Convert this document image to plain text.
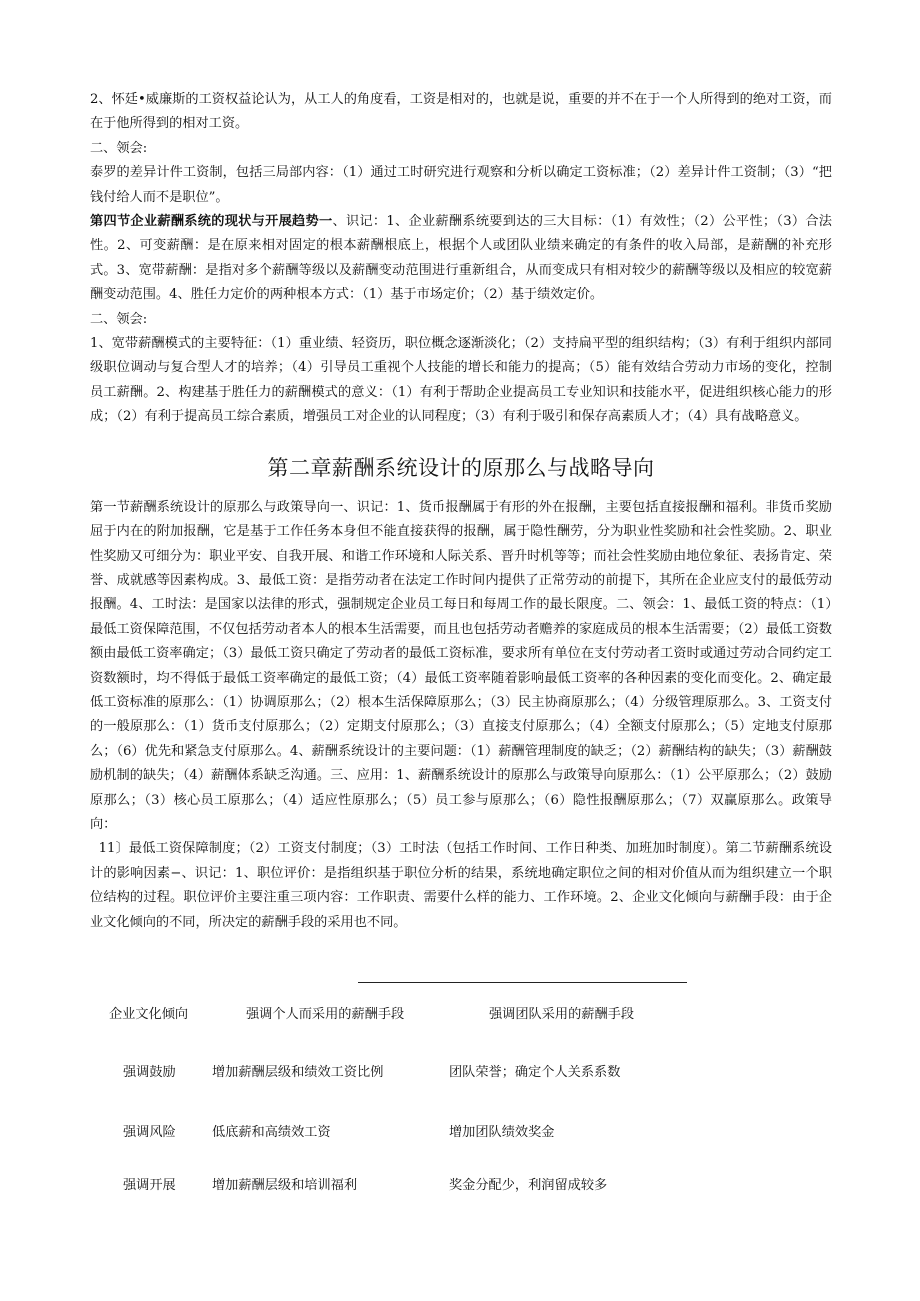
2、怀廷•威廉斯的工资权益论认为，从工人的角度看，工资是相对的，也就是说，重要的并不在于一个人所得到的绝对工资，而在于他所得到的相对工资。

二、领会:

泰罗的差异计件工资制，包括三局部内容：（1）通过工时研究进行观察和分析以确定工资标准；（2）差异计件工资制；（3）“把钱付给人而不是职位”。

第四节企业薪酬系统的现状与开展趋势一、识记：1、企业薪酬系统要到达的三大目标：（1）有效性；（2）公平性；（3）合法性。2、可变薪酬：是在原来相对固定的根本薪酬根底上，根据个人或团队业绩来确定的有条件的收入局部，是薪酬的补充形式。3、宽带薪酬：是指对多个薪酬等级以及薪酬变动范围进行重新组合，从而变成只有相对较少的薪酬等级以及相应的较宽薪酬变动范围。4、胜任力定价的两种根本方式：（1）基于市场定价；（2）基于绩效定价。

二、领会:

1、宽带薪酬模式的主要特征：（1）重业绩、轻资历，职位概念逐渐淡化；（2）支持扁平型的组织结构；（3）有利于组织内部同级职位调动与复合型人才的培养；（4）引导员工重视个人技能的增长和能力的提高；（5）能有效结合劳动力市场的变化，控制员工薪酬。2、构建基于胜任力的薪酬模式的意义：（1）有利于帮助企业提高员工专业知识和技能水平，促进组织核心能力的形成；（2）有利于提高员工综合素质，增强员工对企业的认同程度；（3）有利于吸引和保存高素质人才；（4）具有战略意义。

第二章薪酬系统设计的原那么与战略导向

第一节薪酬系统设计的原那么与政策导向一、识记：1、货币报酬属于有形的外在报酬，主要包括直接报酬和福利。非货币奖励屈于内在的附加报酬，它是基于工作任务本身但不能直接获得的报酬，属于隐性酬劳，分为职业性奖励和社会性奖励。2、职业性奖励又可细分为：职业平安、自我开展、和谐工作环境和人际关系、晋升时机等等；而社会性奖励由地位象征、表扬肯定、荣誉、成就感等因素构成。3、最低工资：是指劳动者在法定工作时间内提供了正常劳动的前提下，其所在企业应支付的最低劳动报酬。4、工时法：是国家以法律的形式，强制规定企业员工每日和每周工作的最长限度。二、领会：1、最低工资的特点：（1）最低工资保障范围，不仅包括劳动者本人的根本生活需要，而且也包括劳动者赡养的家庭成员的根本生活需要；（2）最低工资数额由最低工资率确定；（3）最低工资只确定了劳动者的最低工资标准，要求所有单位在支付劳动者工资时或通过劳动合同约定工资数额时，均不得低于最低工资率确定的最低工资；（4）最低工资率随着影响最低工资率的各种因素的变化而变化。2、确定最低工资标准的原那么：（1）协调原那么；（2）根本生活保障原那么；（3）民主协商原那么；（4）分级管理原那么。3、工资支付的一般原那么：（1）货币支付原那么；（2）定期支付原那么；（3）直接支付原那么；（4）全额支付原那么；（5）定地支付原那么；（6）优先和紧急支付原那么。4、薪酬系统设计的主要问题：（1）薪酬管理制度的缺乏；（2）薪酬结构的缺失；（3）薪酬鼓励机制的缺失；（4）薪酬体系缺乏沟通。三、应用：1、薪酬系统设计的原那么与政策导向原那么：（1）公平原那么；（2）鼓励原那么；（3）核心员工原那么；（4）适应性原那么；（5）员工参与原那么；（6）隐性报酬原那么；（7）双赢原那么。政策导向：

11〕最低工资保障制度；（2）工资支付制度；（3）工时法（包括工作时间、工作日种类、加班加时制度）。第二节薪酬系统设计的影响因素−、识记：1、职位评价：是指组织基于职位分析的结果，系统地确定职位之间的相对价值从而为组织建立一个职位结构的过程。职位评价主要注重三项内容：工作职责、需要什么样的能力、工作环境。2、企业文化倾向与薪酬手段：由于企业文化倾向的不同，所决定的薪酬手段的采用也不同。

企业文化倾向	强调个人而采用的薪酬手段	强调团队采用的薪酬手段
强调鼓励	增加薪酬层级和绩效工资比例	团队荣誉；确定个人关系系数
强调风险	低底薪和高绩效工资	增加团队绩效奖金
强调开展	增加薪酬层级和培训福利	奖金分配少，利润留成较多
